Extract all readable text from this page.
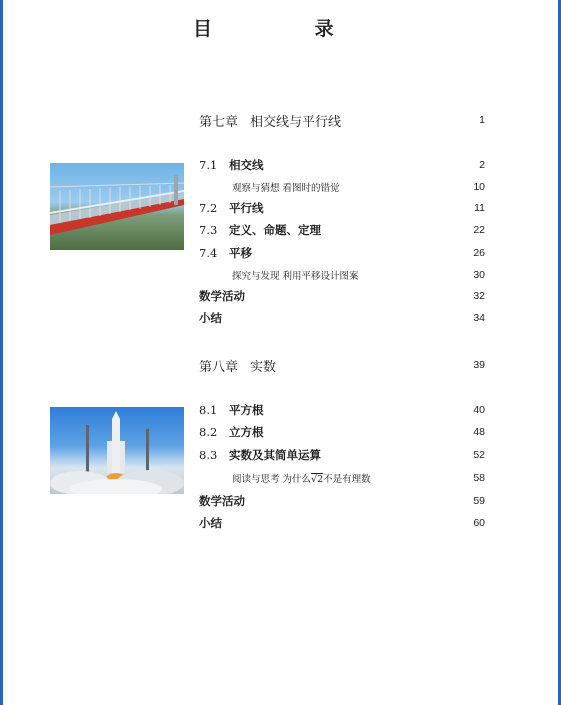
目 录
第七章 相交线与平行线	1
7.1	相交线	2
观察与猜想 看图时的错觉	10
7.2	平行线	11
7.3	定义、命题、定理	22
7.4	平移	26
探究与发现 利用平移设计图案	30
数学活动	32
小结	34
第八章 实数	39
8.1	平方根	40
8.2	立方根	48
8.3	实数及其简单运算	52
阅读与思考 为什么√2不是有理数	58
数学活动	59
小结	60
